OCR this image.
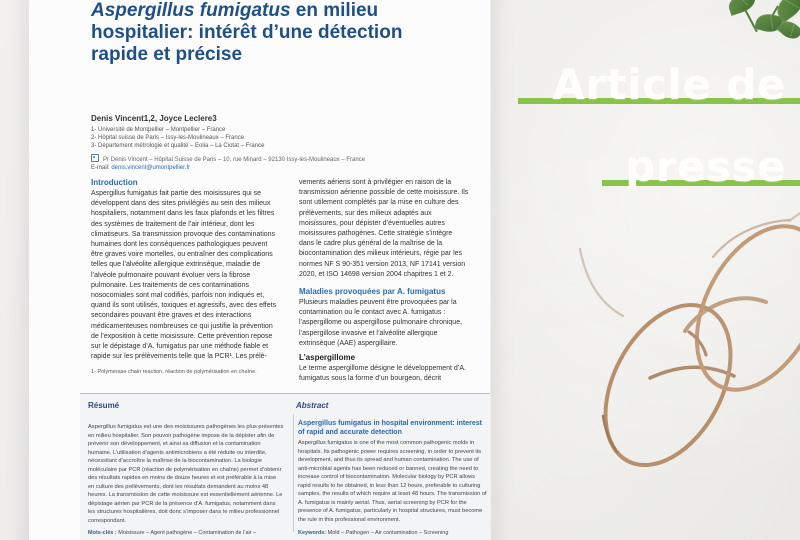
Aspergillus fumigatus en milieu
hospitalier: intérêt d’une détection
rapide et précise
Denis Vincent1,2, Joyce Leclere3
1- Université de Montpellier – Montpellier – France
2- Hôpital suisse de Paris – Issy-les-Moulineaux – France
3- Département métrologie et qualité – Eolia – La Ciotat – France
Pr Denis Vincent – Hôpital Suisse de Paris – 10, rue Minard – 92130 Issy-les-Moulineaux – France
E-mail: denis.vincent@umontpellier.fr
Introduction

Aspergillus fumigatus fait partie des moisissures qui se développent dans des sites privilégiés au sein des milieux hospitaliers, notamment dans les faux plafonds et les filtres des systèmes de traitement de l’air intérieur, dont les climatiseurs. Sa transmission provoque des contaminations humaines dont les conséquences pathologiques peuvent être graves voire mortelles, ou entraîner des complications telles que l’alvéolite allergique extrinsèque, maladie de l’alvéole pulmonaire pouvant évoluer vers la fibrose pulmonaire. Les traitements de ces contaminations nosocomiales sont mal codifiés, parfois non indiqués et, quand ils sont utilisés, toxiques et agressifs, avec des effets secondaires pouvant être graves et des interactions médicamenteuses nombreuses ce qui justifie la prévention de l’exposition à cette moisissure. Cette prévention repose sur le dépistage d’A. fumigatus par une méthode fiable et rapide sur les prélèvements telle que la PCR¹. Les prélè-

1- Polymerase chain reaction, réaction de polymérisation en chaîne.

vements aériens sont à privilégier en raison de la transmission aérienne possible de cette moisissure. Ils sont utilement complétés par la mise en culture des prélèvements, sur des milieux adaptés aux moisissures, pour dépister d’éventuelles autres moisissures pathogènes. Cette stratégie s’intègre dans le cadre plus général de la maîtrise de la biocontamination des milieux intérieurs, régie par les normes NF S 90-351 version 2013, NF 17141 version 2020, et ISO 14698 version 2004 chapitres 1 et 2.

Maladies provoquées par A. fumigatus

Plusieurs maladies peuvent être provoquées par la contamination ou le contact avec A. fumigatus : l’aspergillome ou aspergillose pulmonaire chronique, l’aspergillose invasive et l’alvéolite allergique extrinsèque (AAE) aspergillaire.

L’aspergillome

Le terme aspergillome désigne le développement d’A. fumigatus sous la forme d’un bourgeon, décrit

Résumé	Abstract
Aspergillus fumigatus est une des moisissures pathogènes les plus présentes en milieu hospitalier. Son pouvoir pathogène impose de la dépister afin de prévenir son développement, et ainsi sa diffusion et la contamination humaine. L’utilisation d’agents antimicrobiens a été réduite ou interdite, nécessitant d’accroître la maîtrise de la biocontamination. La biologie moléculaire par PCR (réaction de polymérisation en chaîne) permet d’obtenir des résultats rapides en moins de douze heures et est préférable à la mise en culture des prélèvements, dont les résultats demandent au moins 48 heures. La transmission de cette moisissure est essentiellement aérienne. Le dépistage aérien par PCR de la présence d’A. fumigatus, notamment dans les structures hospitalières, doit donc s’imposer dans le milieu professionnel correspondant.
Aspergillus fumigatus in hospital environment: interest of rapid and accurate detection
Aspergillus fumigatus is one of the most common pathogenic molds in hospitals. Its pathogenic power requires screening, in order to prevent its development, and thus its spread and human contamination. The use of anti-microbial agents has been reduced or banned, creating the need to increase control of biocontamination. Molecular biology by PCR allows rapid results to be obtained, in less than 12 hours, preferable to culturing samples, the results of which require at least 48 hours. The transmission of A. fumigatus is mainly aerial. Thus, aerial screening by PCR for the presence of A. fumigatus, particularly in hospital structures, must become the rule in this professional environment.
Mots-clés : Moisissure – Agent pathogène – Contamination de l’air –	Keywords: Mold – Pathogen – Air contamination – Screening
Article de
presse
